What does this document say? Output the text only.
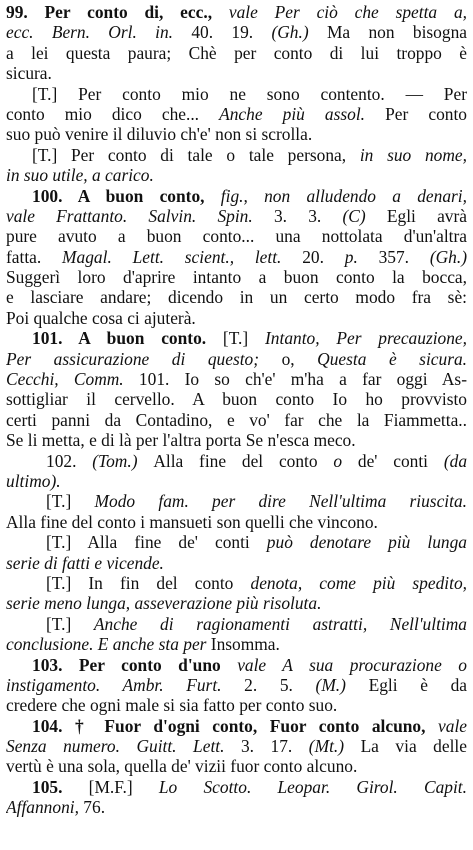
99. Per conto di, ecc., vale Per ciò che spetta a,
ecc. Bern. Orl. in. 40. 19. (Gh.) Ma non bisogna
a lei questa paura; Chè per conto di lui troppo è
sicura.
[T.] Per conto mio ne sono contento. — Per
conto mio dico che... Anche più assol. Per conto
suo può venire il diluvio ch'e' non si scrolla.
[T.] Per conto di tale o tale persona, in suo nome,
in suo utile, a carico.
100. A buon conto, fig., non alludendo a denari,
vale Frattanto. Salvin. Spin. 3. 3. (C) Egli avrà
pure avuto a buon conto... una nottolata d'un'altra
fatta. Magal. Lett. scient., lett. 20. p. 357. (Gh.)
Suggerì loro d'aprire intanto a buon conto la bocca,
e lasciare andare; dicendo in un certo modo fra sè:
Poi qualche cosa ci ajuterà.
101. A buon conto. [T.] Intanto, Per precauzione,
Per assicurazione di questo; o, Questa è sicura.
Cecchi, Comm. 101. Io so ch'e' m'ha a far oggi As-
sottigliar il cervello. A buon conto Io ho provvisto
certi panni da Contadino, e vo' far che la Fiammetta..
Se li metta, e di là per l'altra porta Se n'esca meco.
102. (Tom.) Alla fine del conto o de' conti (da
ultimo).
[T.] Modo fam. per dire Nell'ultima riuscita.
Alla fine del conto i mansueti son quelli che vincono.
[T.] Alla fine de' conti può denotare più lunga
serie di fatti e vicende.
[T.] In fin del conto denota, come più spedito,
serie meno lunga, asseverazione più risoluta.
[T.] Anche di ragionamenti astratti, Nell'ultima
conclusione. E anche sta per Insomma.
103. Per conto d'uno vale A sua procurazione o
instigamento. Ambr. Furt. 2. 5. (M.) Egli è da
credere che ogni male si sia fatto per conto suo.
104. † Fuor d'ogni conto, Fuor conto alcuno, vale
Senza numero. Guitt. Lett. 3. 17. (Mt.) La via delle
vertù è una sola, quella de' vizii fuor conto alcuno.
105. [M.F.] Lo Scotto. Leopar. Girol. Capit.
Affannoni, 76.
